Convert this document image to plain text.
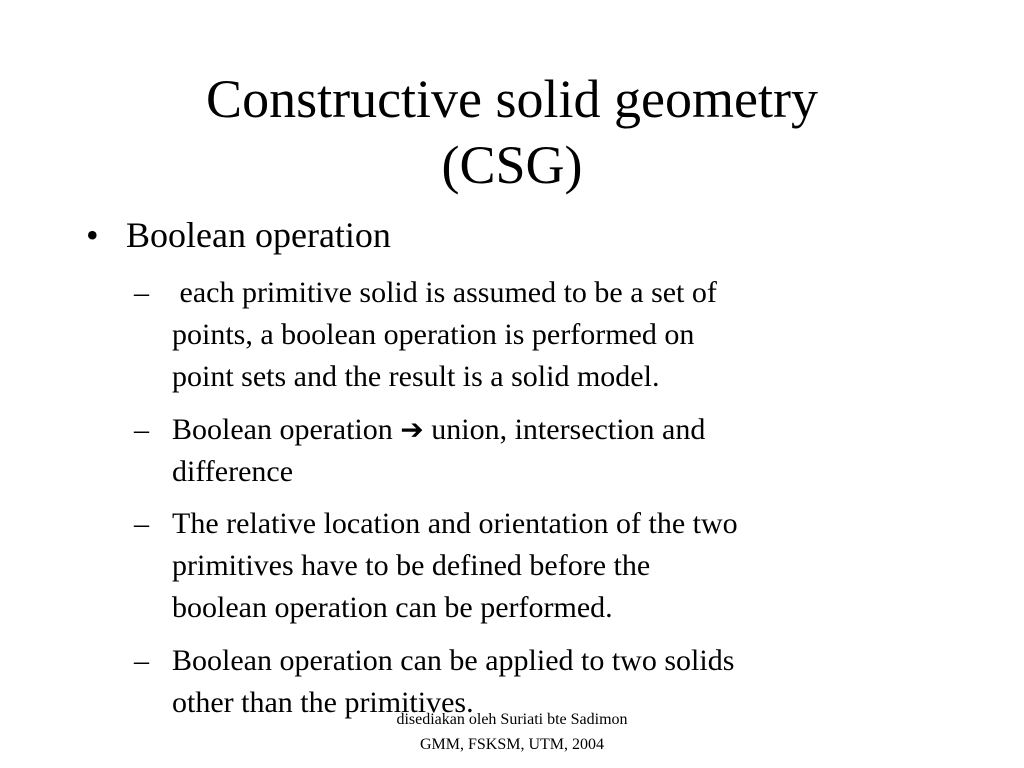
Constructive solid geometry
(CSG)
• Boolean operation
– each primitive solid is assumed to be a set of
points, a boolean operation is performed on
point sets and the result is a solid model.
– Boolean operation ➔ union, intersection and
difference
– The relative location and orientation of the two
primitives have to be defined before the
boolean operation can be performed.
– Boolean operation can be applied to two solids
other than the primitives.
disediakan oleh Suriati bte Sadimon
GMM, FSKSM, UTM, 2004
